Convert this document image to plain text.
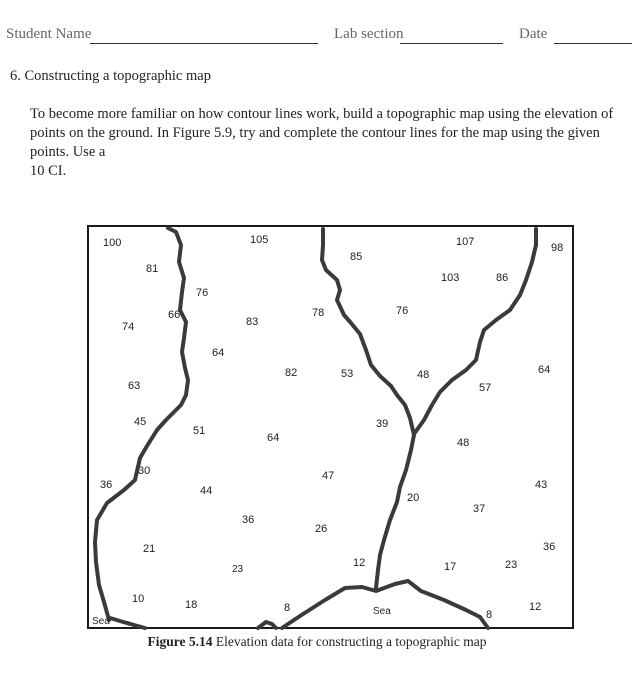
Student Name	Lab section	Date
6. Constructing a topographic map
To become more familiar on how contour lines work, build a topographic map using the elevation of points on the ground. In Figure 5.9, try and complete the contour lines for the map using the given points. Use a
10 CI.
100	105	107	98
81
85
103	86
76
66
83
78	76
74
64
82	53	48	64
63	57
45
51
64
39
48
30
36
47
44
20
43
36
37
26
21
12	17	23
36
23
10	18	8
8
12
Sea
Sea
Figure 5.14 Elevation data for constructing a topographic map
